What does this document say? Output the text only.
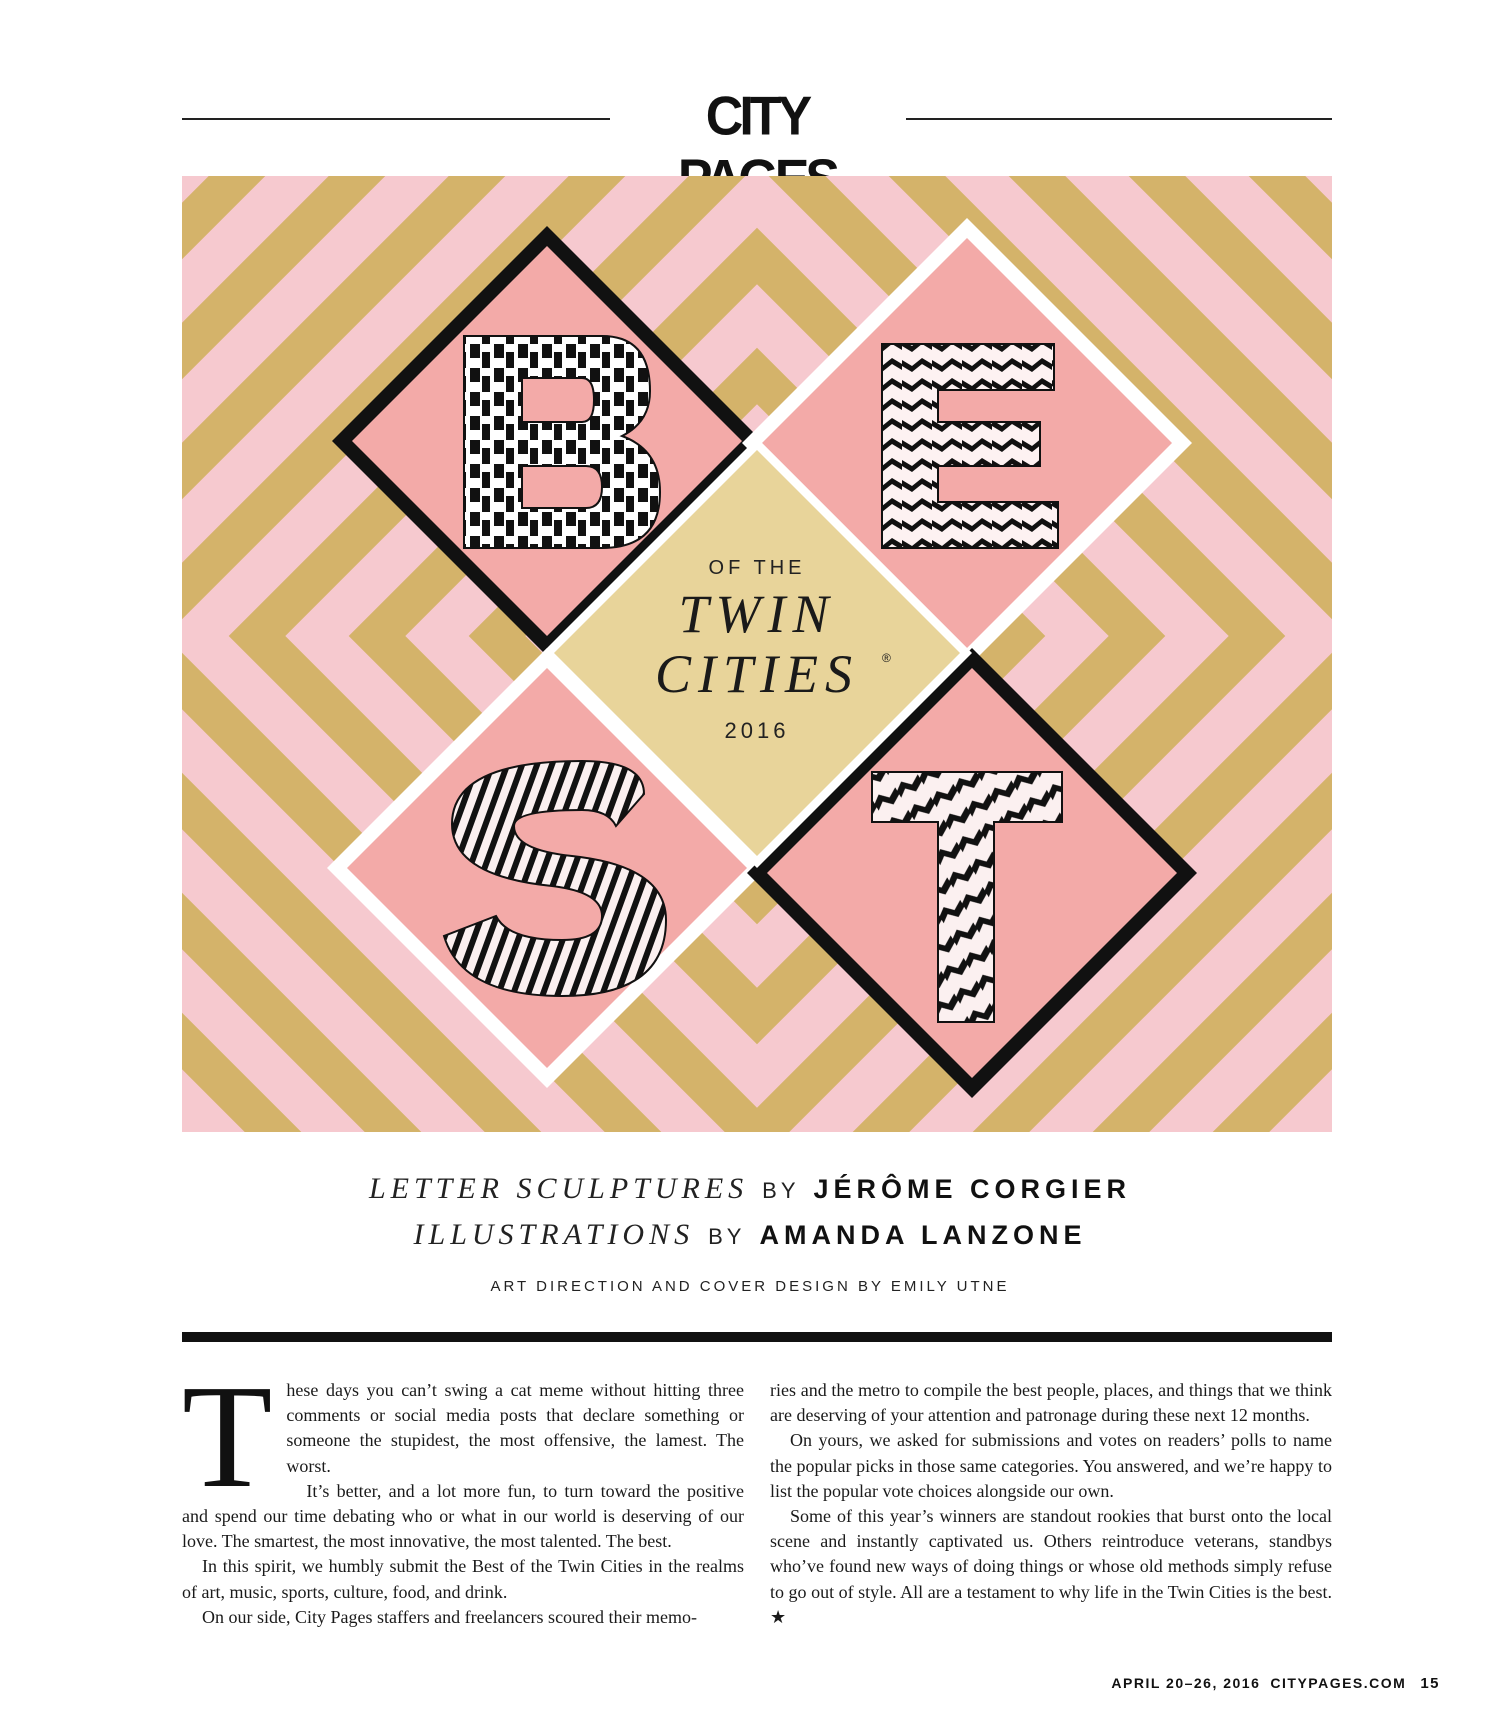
CITY
OF THE
TWIN
CITIES ®
2016
LETTER SCULPTURES BY JÉRÔME CORGIER
ILLUSTRATIONS BY AMANDA LANZONE
ART DIRECTION AND COVER DESIGN BY EMILY UTNE
T hese days you can’t swing a cat meme without hitting three comments or social media posts that declare something or someone the stupidest, the most offensive, the lamest. The worst.

It’s better, and a lot more fun, to turn toward the positive and spend our time debating who or what in our world is deserving of our love. The smartest, the most innovative, the most talented. The best.

In this spirit, we humbly submit the Best of the Twin Cities in the realms of art, music, sports, culture, food, and drink.

On our side, City Pages staffers and freelancers scoured their memo-

ries and the metro to compile the best people, places, and things that we think are deserving of your attention and patronage during these next 12 months.

On yours, we asked for submissions and votes on readers’ polls to name the popular picks in those same categories. You answered, and we’re happy to list the popular vote choices alongside our own.

Some of this year’s winners are standout rookies that burst onto the local scene and instantly captivated us. Others reintroduce veterans, standbys who’ve found new ways of doing things or whose old methods simply refuse to go out of style. All are a testament to why life in the Twin Cities is the best. ★

APRIL 20–26, 2016 CITYPAGES.COM 15
